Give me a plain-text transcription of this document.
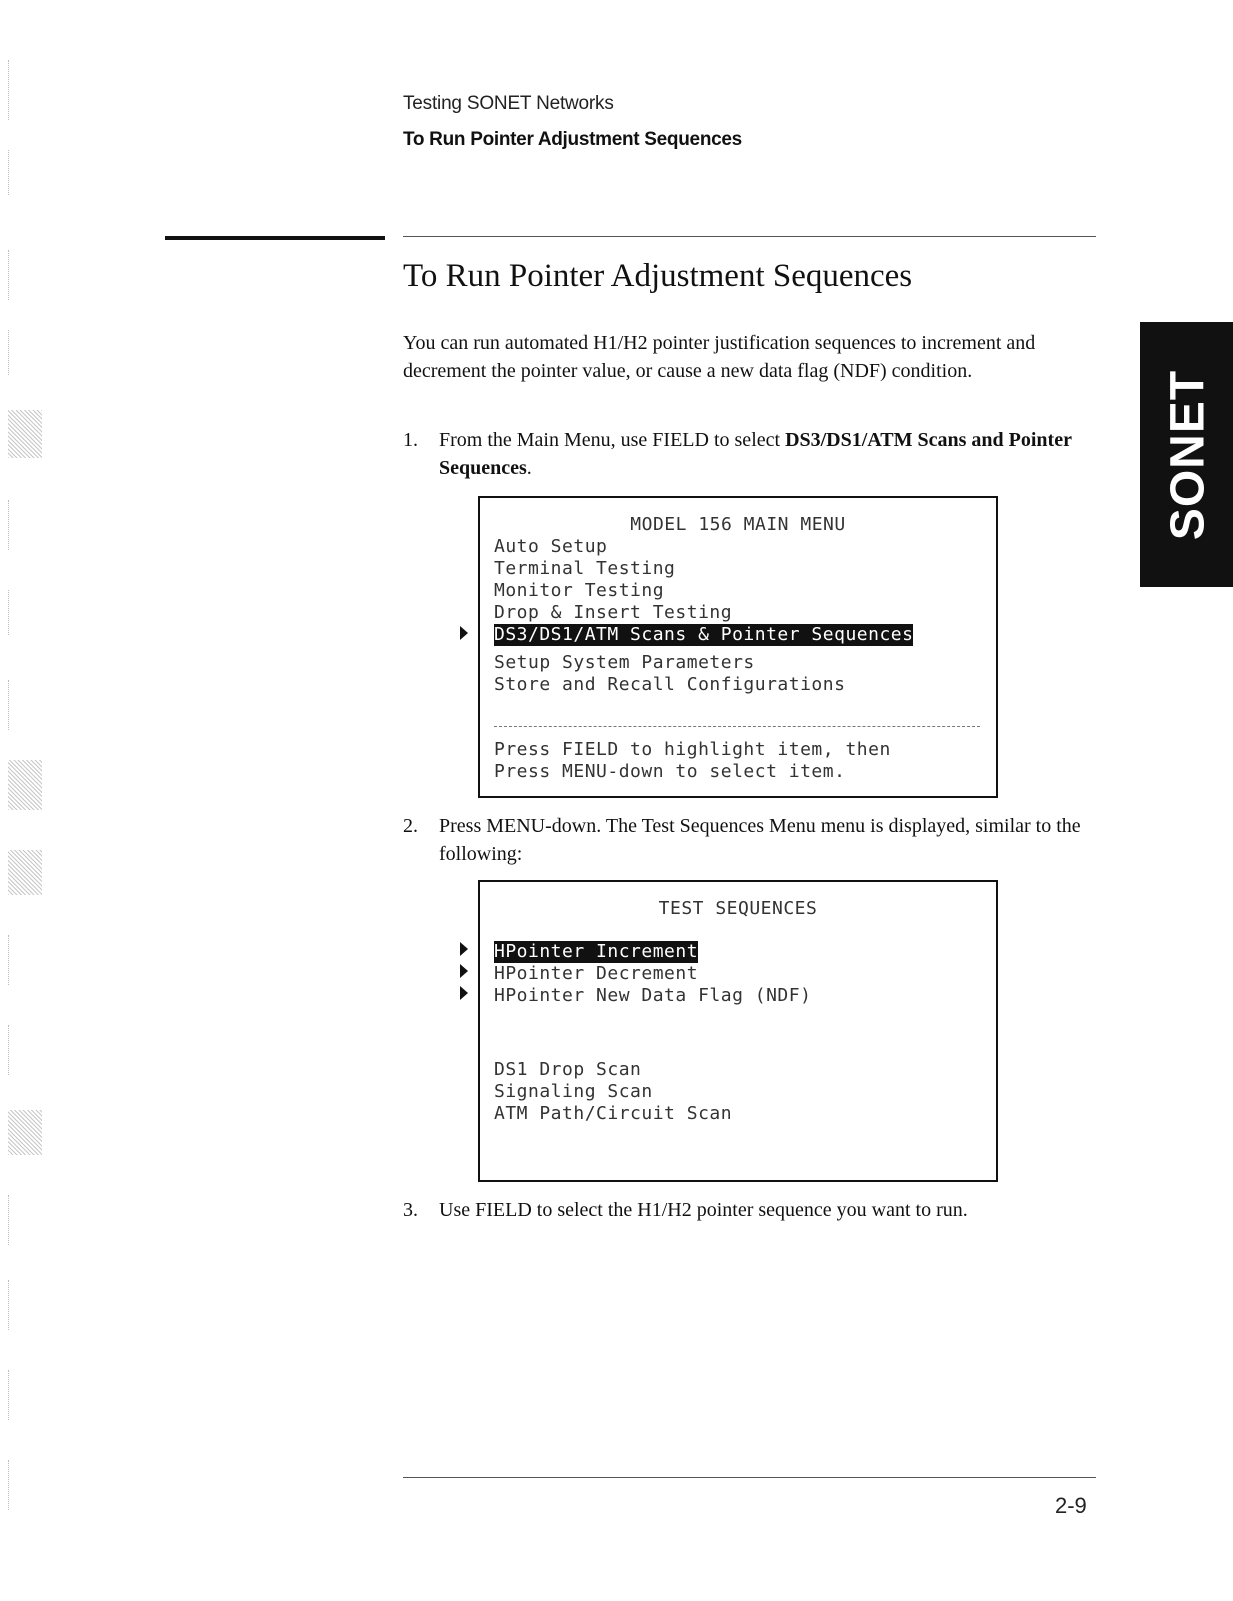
Testing SONET Networks
To Run Pointer Adjustment Sequences
To Run Pointer Adjustment Sequences
You can run automated H1/H2 pointer justification sequences to increment and decrement the pointer value, or cause a new data flag (NDF) condition.
1. From the Main Menu, use FIELD to select DS3/DS1/ATM Scans and Pointer Sequences.
MODEL 156 MAIN MENU
Auto Setup
Terminal Testing
Monitor Testing
Drop & Insert Testing
DS3/DS1/ATM Scans & Pointer Sequences
Setup System Parameters
Store and Recall Configurations
Press FIELD to highlight item, then
Press MENU-down to select item.
2. Press MENU-down. The Test Sequences Menu menu is displayed, similar to the following:
TEST SEQUENCES
HPointer Increment
HPointer Decrement
HPointer New Data Flag (NDF)
DS1 Drop Scan
Signaling Scan
ATM Path/Circuit Scan
3. Use FIELD to select the H1/H2 pointer sequence you want to run.
SONET
2-9
